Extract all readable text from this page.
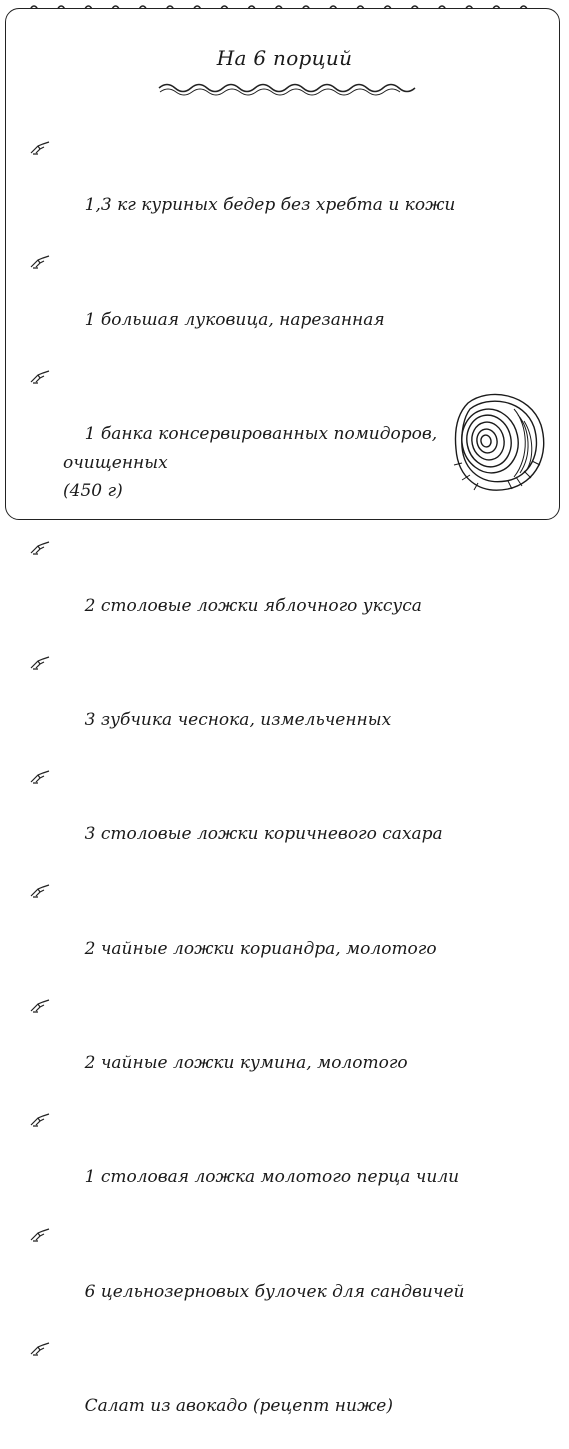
На 6 порций

1,3 кг куриных бедер без хребта и кожи

1 большая луковица, нарезанная

1 банка консервированных помидоров, очищенных
(450 г)

2 столовые ложки яблочного уксуса

3 зубчика чеснока, измельченных

3 столовые ложки коричневого сахара

2 чайные ложки кориандра, молотого

2 чайные ложки кумина, молотого

1 столовая ложка молотого перца чили

6 цельнозерновых булочек для сандвичей

Салат из авокадо (рецепт ниже)
